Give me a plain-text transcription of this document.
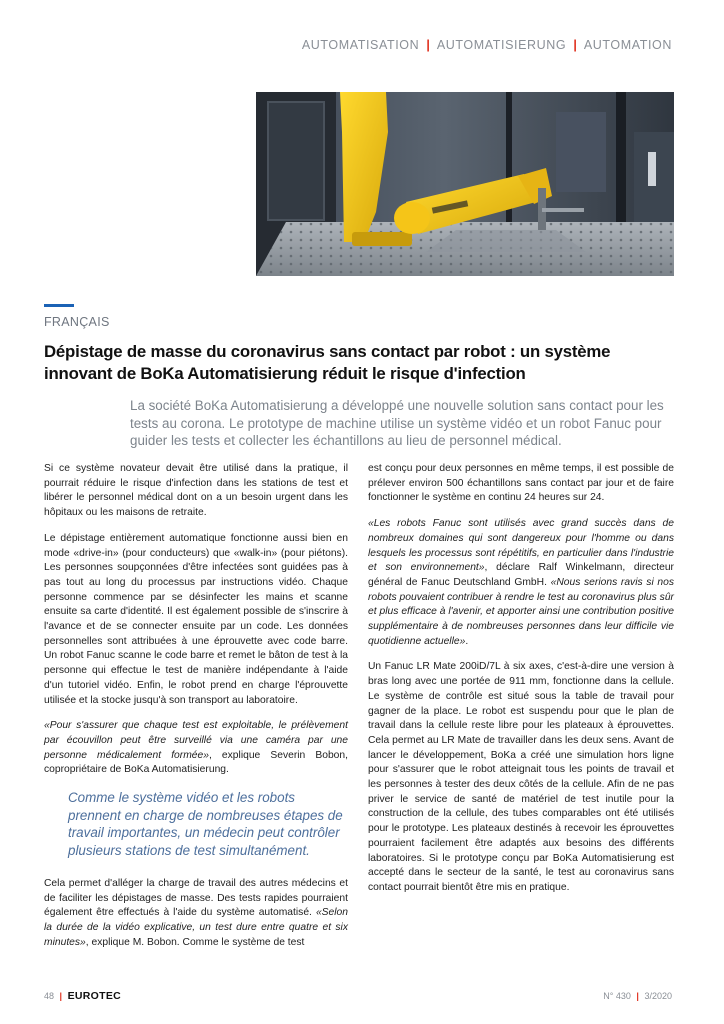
AUTOMATISATION | AUTOMATISIERUNG | AUTOMATION
FRANÇAIS
Dépistage de masse du coronavirus sans contact par robot : un système innovant de BoKa Automatisierung réduit le risque d'infection
La société BoKa Automatisierung a développé une nouvelle solution sans contact pour les tests au corona. Le prototype de machine utilise un système vidéo et un robot Fanuc pour guider les tests et collecter les échantillons au lieu de personnel médical.

Si ce système novateur devait être utilisé dans la pratique, il pourrait réduire le risque d'infection dans les stations de test et libérer le personnel médical dont on a un besoin urgent dans les hôpitaux ou les maisons de retraite.

Le dépistage entièrement automatique fonctionne aussi bien en mode «drive-in» (pour conducteurs) que «walk-in» (pour piétons). Les personnes soupçonnées d'être infectées sont guidées pas à pas tout au long du processus par instructions vidéo. Chaque personne commence par se désinfecter les mains et scanne ensuite sa carte d'identité. Il est également possible de s'inscrire à l'avance et de se connecter ensuite par un code. Les données personnelles sont attribuées à une éprouvette avec code barre. Un robot Fanuc scanne le code barre et remet le bâton de test à la personne qui effectue le test de manière indépendante à l'aide d'un tutoriel vidéo. Enfin, le robot prend en charge l'éprouvette utilisée et la stocke jusqu'à son transport au laboratoire.

«Pour s'assurer que chaque test est exploitable, le prélèvement par écouvillon peut être surveillé via une caméra par une personne médicalement formée», explique Severin Bobon, copropriétaire de BoKa Automatisierung.

Comme le système vidéo et les robots prennent en charge de nombreuses étapes de travail importantes, un médecin peut contrôler plusieurs stations de test simultanément.

Cela permet d'alléger la charge de travail des autres médecins et de faciliter les dépistages de masse. Des tests rapides pourraient également être effectués à l'aide du système automatisé. «Selon la durée de la vidéo explicative, un test dure entre quatre et six minutes», explique M. Bobon. Comme le système de test

est conçu pour deux personnes en même temps, il est possible de prélever environ 500 échantillons sans contact par jour et de faire fonctionner le système en continu 24 heures sur 24.

«Les robots Fanuc sont utilisés avec grand succès dans de nombreux domaines qui sont dangereux pour l'homme ou dans lesquels les processus sont répétitifs, en particulier dans l'industrie et son environnement», déclare Ralf Winkelmann, directeur général de Fanuc Deutschland GmbH. «Nous serions ravis si nos robots pouvaient contribuer à rendre le test au coronavirus plus sûr et plus efficace à l'avenir, et apporter ainsi une contribution positive supplémentaire à de nombreuses personnes dans leur difficile vie quotidienne actuelle».

Un Fanuc LR Mate 200iD/7L à six axes, c'est-à-dire une version à bras long avec une portée de 911 mm, fonctionne dans la cellule. Le système de contrôle est situé sous la table de travail pour gagner de la place. Le robot est suspendu pour que le plan de travail dans la cellule reste libre pour les plateaux à éprouvettes. Cela permet au LR Mate de travailler dans les deux sens. Avant de lancer le développement, BoKa a créé une simulation hors ligne pour s'assurer que le robot atteignait tous les points de travail et les personnes à tester des deux côtés de la cellule. Afin de ne pas priver le service de santé de matériel de test inutile pour la construction de la cellule, des tubes comparables ont été utilisés pour le prototype. Les plateaux destinés à recevoir les éprouvettes pourraient facilement être adaptés aux besoins des différents laboratoires. Si le prototype conçu par BoKa Automatisierung est accepté dans le secteur de la santé, le test au coronavirus sans contact pourrait bientôt être mis en pratique.

48 | EUROTEC	N° 430 | 3/2020
